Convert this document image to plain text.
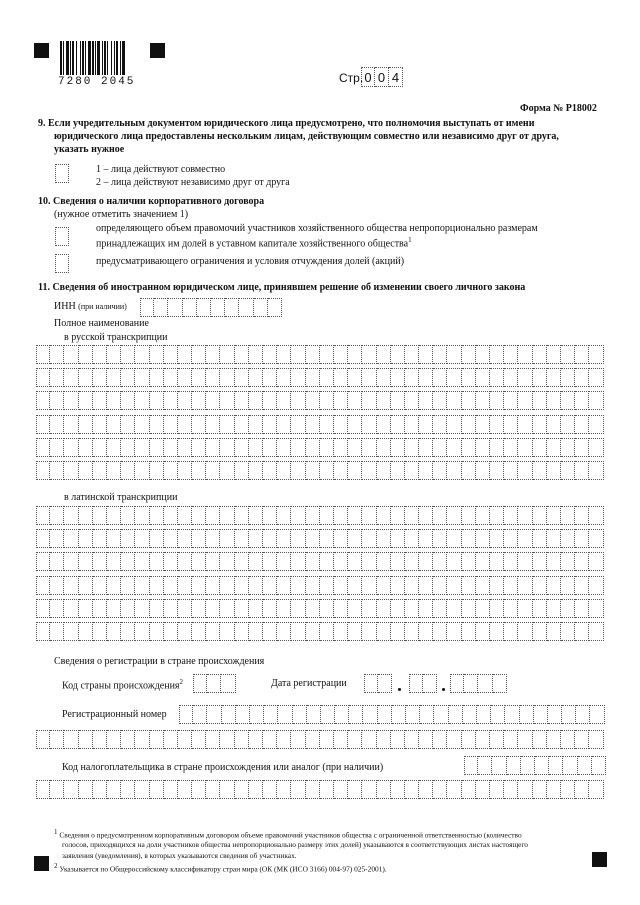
7280 2045	Стр. 0 0 4
Форма № Р18002
9. Если учредительным документом юридического лица предусмотрено, что полномочия выступать от имени
юридического лица предоставлены нескольким лицам, действующим совместно или независимо друг от друга,
указать нужное
1 – лица действуют совместно
2 – лица действуют независимо друг от друга
10. Сведения о наличии корпоративного договора
(нужное отметить значением 1)
определяющего объем правомочий участников хозяйственного общества непропорционально размерам
принадлежащих им долей в уставном капитале хозяйственного общества$^1$
предусматривающего ограничения и условия отчуждения долей (акций)
11. Сведения об иностранном юридическом лице, принявшем решение об изменении своего личного закона
ИНН (при наличии)
Полное наименование
в русской транскрипции
в латинской транскрипции
Сведения о регистрации в стране происхождения
Код страны происхождения$^2$	Дата регистрации
Регистрационный номер
Код налогоплательщика в стране происхождения или аналог (при наличии)
$^1$ Сведения о предусмотренном корпоративным договором объеме правомочий участников общества с ограниченной ответственностью (количество
голосов, приходящихся на доли участников общества непропорционально размеру этих долей) указываются в соответствующих листах настоящего
заявления (уведомления), в которых указываются сведения об участниках.
$^2$ Указывается по Общероссийскому классификатору стран мира (ОК (МК (ИСО 3166) 004-97) 025-2001).
